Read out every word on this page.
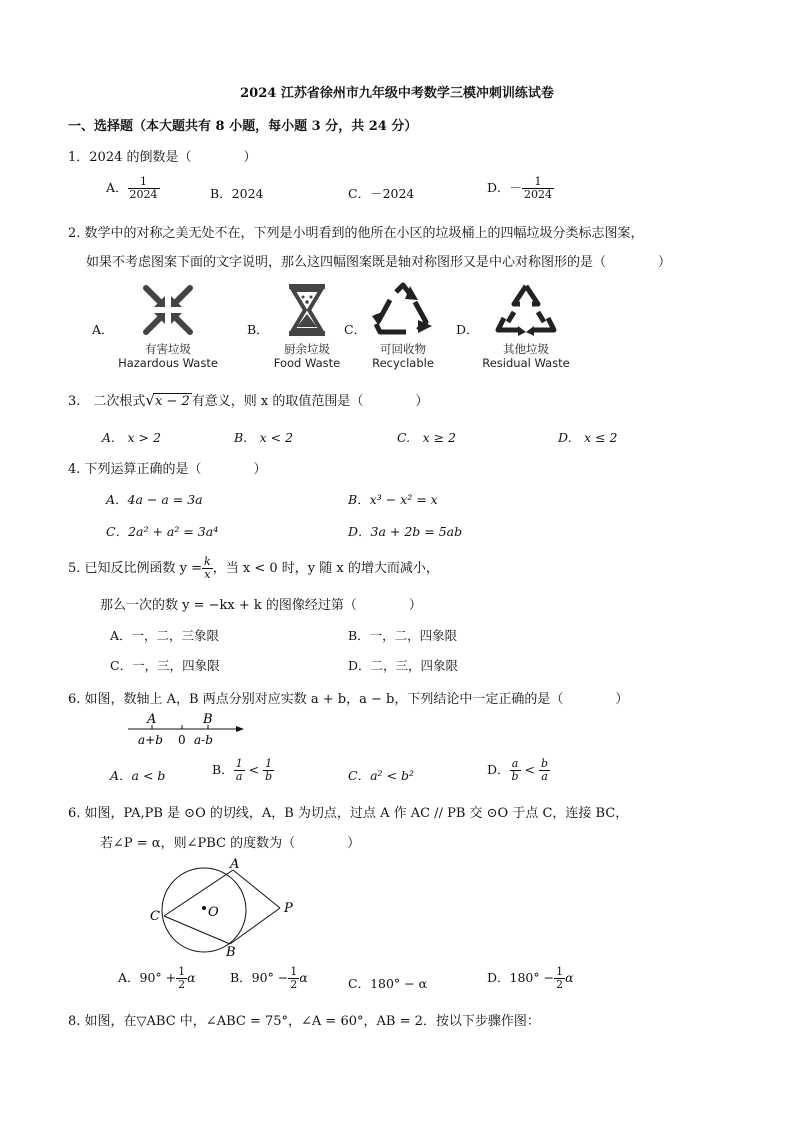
2024 江苏省徐州市九年级中考数学三模冲刺训练试卷
一、选择题（本大题共有 8 小题，每小题 3 分，共 24 分）
1．2024 的倒数是（　　　　）
A． $\frac{1}{2024}$	B．2024	C．－2024	D．－ $\frac{1}{2024}$
2. 数学中的对称之美无处不在，下列是小明看到的他所在小区的垃圾桶上的四幅垃圾分类标志图案，
如果不考虑图案下面的文字说明，那么这四幅图案既是轴对称图形又是中心对称图形的是（　　　　）
A．
有害垃圾
Hazardous Waste
B．
厨余垃圾
Food Waste
C．
可回收物
Recyclable
D．
其他垃圾
Residual Waste
3.　二次根式√x − 2 有意义，则 x 的取值范围是（　　　　）
A.　x > 2	B.　x < 2	C.　x ≥ 2	D.　x ≤ 2
4. 下列运算正确的是（　　　　）
A．4a − a = 3a	B．x³ − x² = x
C．2a² + a² = 3a⁴	D．3a + 2b = 5ab
5. 已知反比例函数 $y = \frac{k}{x}$ ，当 x < 0 时，y 随 x 的增大而减小，
那么一次的数 y = −kx + k 的图像经过第（　　　　）
A．一，二，三象限	B．一，二，四象限
C．一，三，四象限	D．二，三，四象限
6. 如图，数轴上 A，B 两点分别对应实数 a + b，a − b，下列结论中一定正确的是（　　　　）
A	B
a+b 0 a-b
A．a < b	B． $\frac{1}{a} < \frac{1}{b}$	C．a² < b²	D． $\frac{a}{b} < \frac{b}{a}$
6. 如图，PA,PB 是 ⊙O 的切线，A，B 为切点，过点 A 作 AC // PB 交 ⊙O 于点 C，连接 BC，
若∠P = α，则∠PBC 的度数为（　　　　）
A
B
C	O	P
A．$90^\circ + \frac{1}{2}$ α	B．$90^\circ - \frac{1}{2}$ α	C．180° − α	D．$180^\circ - \frac{1}{2}$ α
8. 如图，在▽ABC 中，∠ABC = 75°，∠A = 60°，AB = 2．按以下步骤作图：
